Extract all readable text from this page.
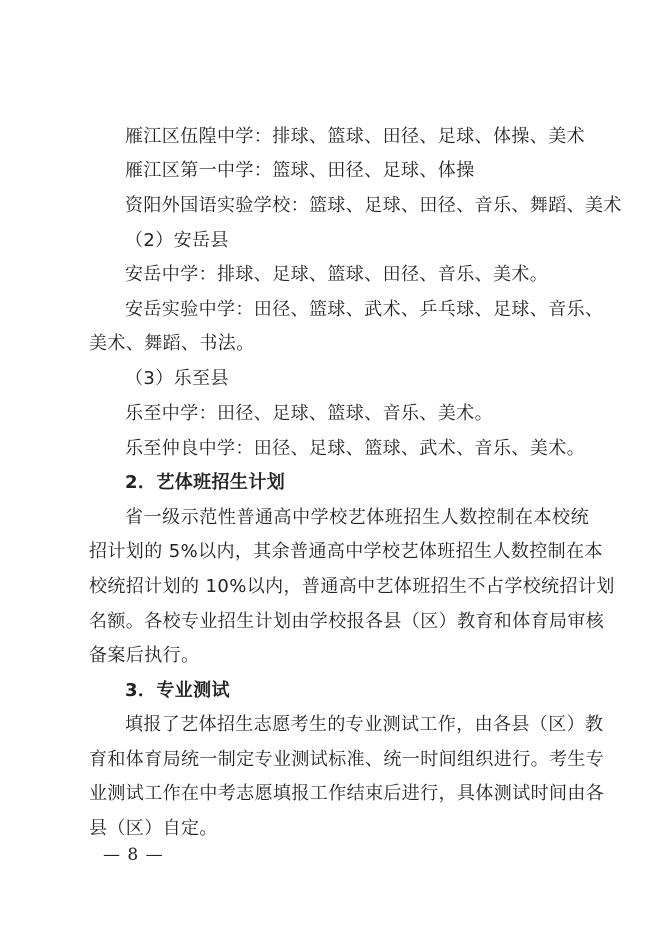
雁江区伍隍中学：排球、篮球、田径、足球、体操、美术
雁江区第一中学：篮球、田径、足球、体操
资阳外国语实验学校：篮球、足球、田径、音乐、舞蹈、美术
（2）安岳县
安岳中学：排球、足球、篮球、田径、音乐、美术。
安岳实验中学：田径、篮球、武术、乒乓球、足球、音乐、
美术、舞蹈、书法。
（3）乐至县
乐至中学：田径、足球、篮球、音乐、美术。
乐至仲良中学：田径、足球、篮球、武术、音乐、美术。
2．艺体班招生计划
省一级示范性普通高中学校艺体班招生人数控制在本校统
招计划的 5%以内，其余普通高中学校艺体班招生人数控制在本
校统招计划的 10%以内，普通高中艺体班招生不占学校统招计划
名额。各校专业招生计划由学校报各县（区）教育和体育局审核
备案后执行。
3．专业测试
填报了艺体招生志愿考生的专业测试工作，由各县（区）教
育和体育局统一制定专业测试标准、统一时间组织进行。考生专
业测试工作在中考志愿填报工作结束后进行，具体测试时间由各
县（区）自定。
— 8 —
